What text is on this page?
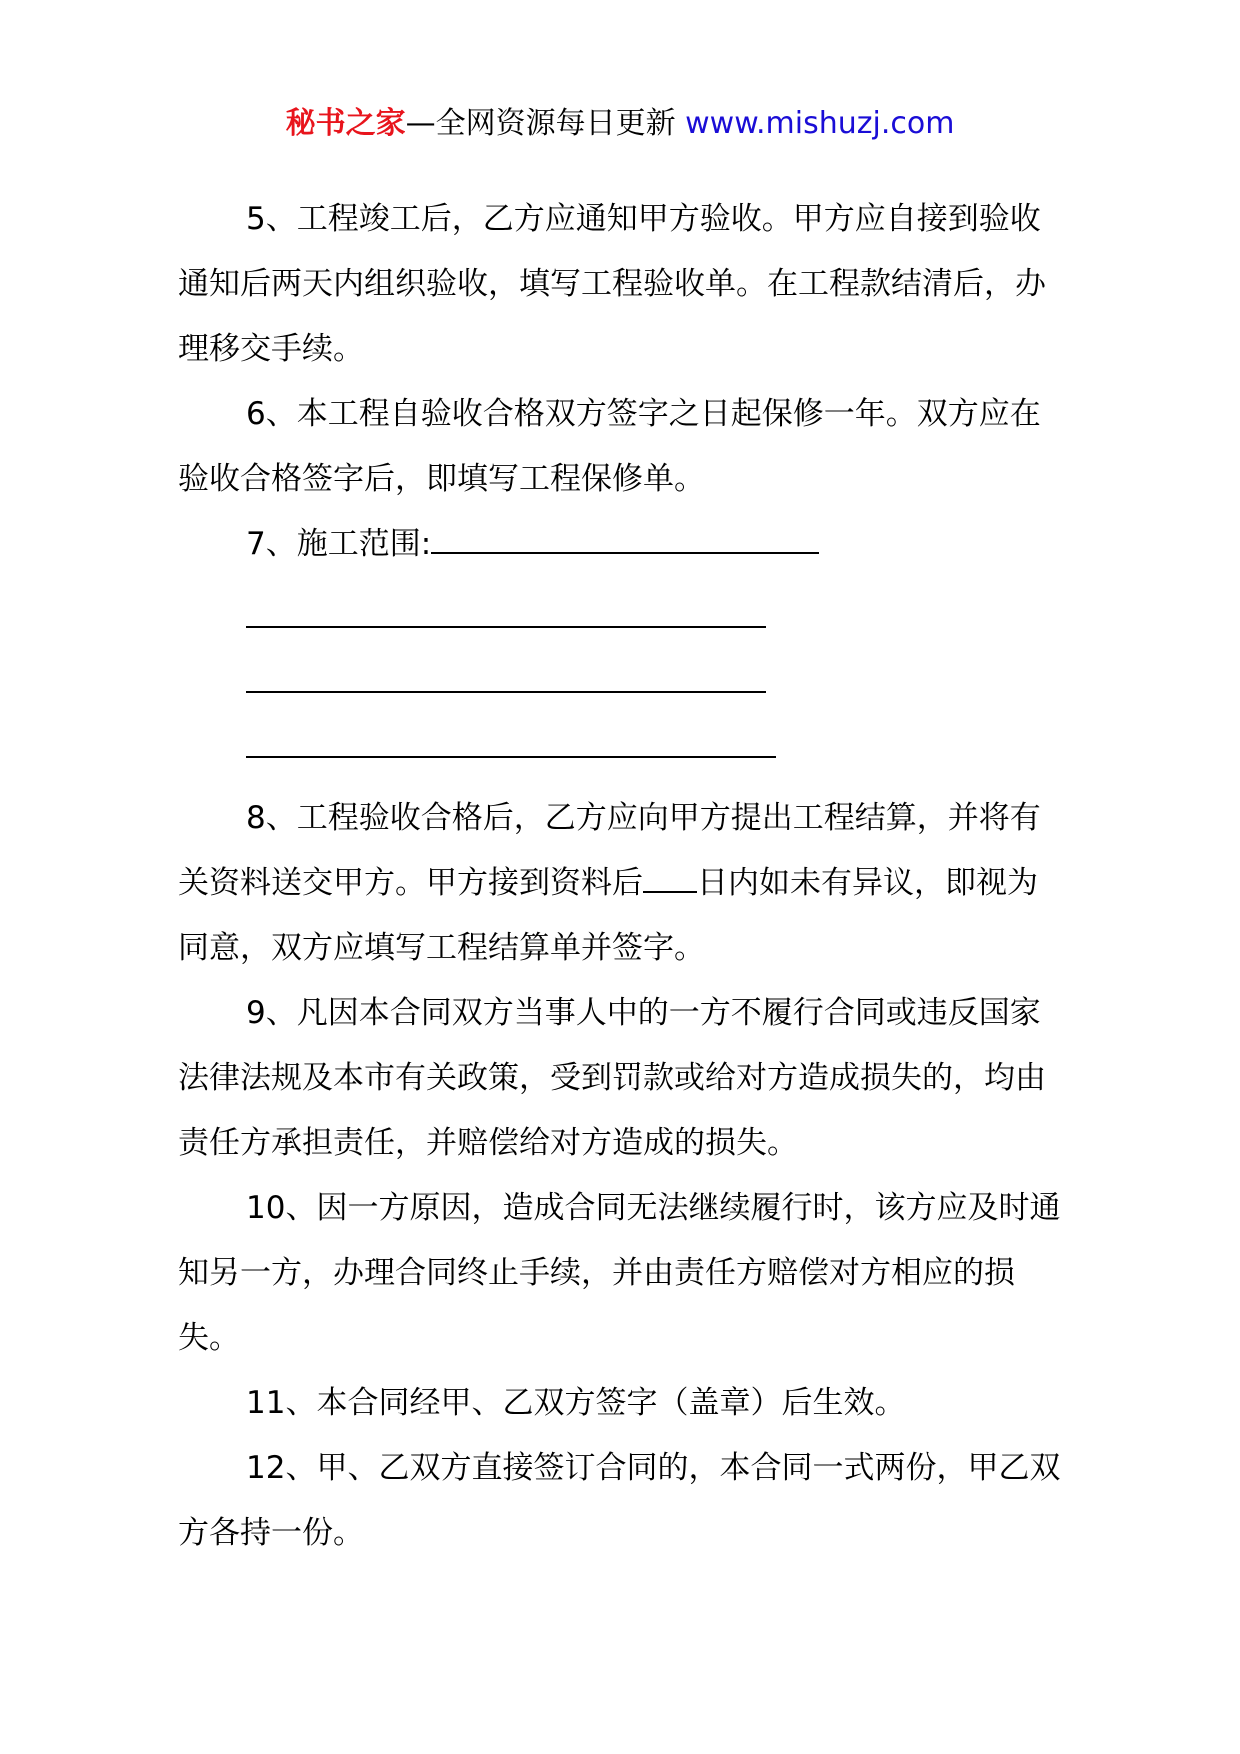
秘书之家—全网资源每日更新 www.mishuzj.com

5、工程竣工后，乙方应通知甲方验收。甲方应自接到验收通知后两天内组织验收，填写工程验收单。在工程款结清后，办理移交手续。

6、本工程自验收合格双方签字之日起保修一年。双方应在验收合格签字后，即填写工程保修单。

7、施工范围:

8、工程验收合格后，乙方应向甲方提出工程结算，并将有关资料送交甲方。甲方接到资料后 日内如未有异议，即视为同意，双方应填写工程结算单并签字。

9、凡因本合同双方当事人中的一方不履行合同或违反国家法律法规及本市有关政策，受到罚款或给对方造成损失的，均由责任方承担责任，并赔偿给对方造成的损失。

10、因一方原因，造成合同无法继续履行时，该方应及时通知另一方，办理合同终止手续，并由责任方赔偿对方相应的损失。

11、本合同经甲、乙双方签字（盖章）后生效。

12、甲、乙双方直接签订合同的，本合同一式两份，甲乙双方各持一份。
